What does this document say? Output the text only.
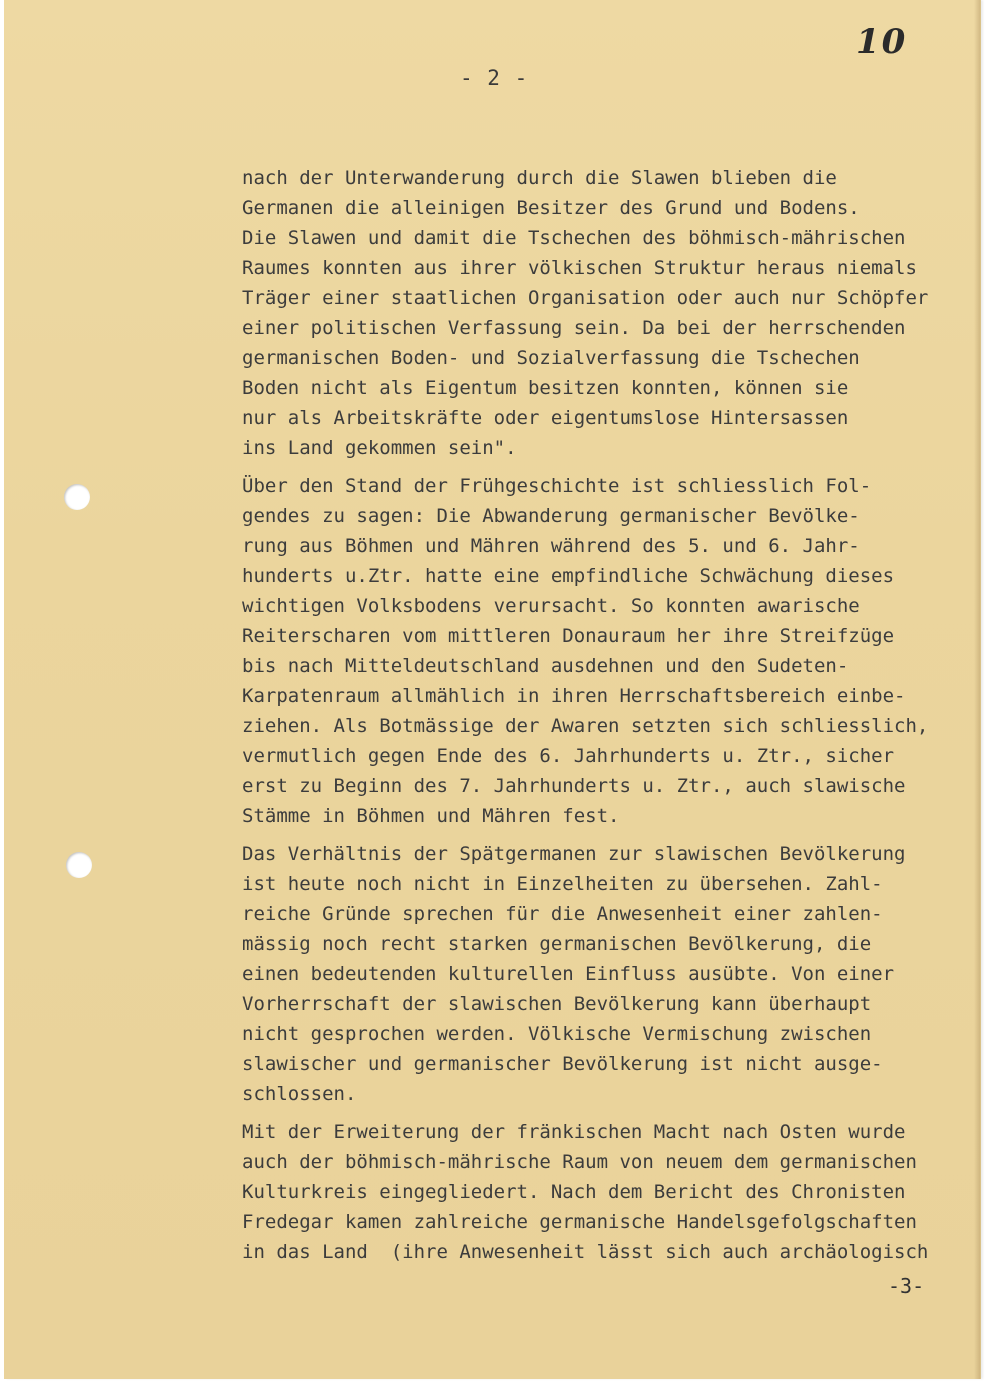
10
- 2 -
nach der Unterwanderung durch die Slawen blieben die
Germanen die alleinigen Besitzer des Grund und Bodens.
Die Slawen und damit die Tschechen des böhmisch-mährischen
Raumes konnten aus ihrer völkischen Struktur heraus niemals
Träger einer staatlichen Organisation oder auch nur Schöpfer
einer politischen Verfassung sein. Da bei der herrschenden
germanischen Boden- und Sozialverfassung die Tschechen
Boden nicht als Eigentum besitzen konnten, können sie
nur als Arbeitskräfte oder eigentumslose Hintersassen
ins Land gekommen sein".
Über den Stand der Frühgeschichte ist schliesslich Fol-
gendes zu sagen: Die Abwanderung germanischer Bevölke-
rung aus Böhmen und Mähren während des 5. und 6. Jahr-
hunderts u.Ztr. hatte eine empfindliche Schwächung dieses
wichtigen Volksbodens verursacht. So konnten awarische
Reiterscharen vom mittleren Donauraum her ihre Streifzüge
bis nach Mitteldeutschland ausdehnen und den Sudeten-
Karpatenraum allmählich in ihren Herrschaftsbereich einbe-
ziehen. Als Botmässige der Awaren setzten sich schliesslich,
vermutlich gegen Ende des 6. Jahrhunderts u. Ztr., sicher
erst zu Beginn des 7. Jahrhunderts u. Ztr., auch slawische
Stämme in Böhmen und Mähren fest.
Das Verhältnis der Spätgermanen zur slawischen Bevölkerung
ist heute noch nicht in Einzelheiten zu übersehen. Zahl-
reiche Gründe sprechen für die Anwesenheit einer zahlen-
mässig noch recht starken germanischen Bevölkerung, die
einen bedeutenden kulturellen Einfluss ausübte. Von einer
Vorherrschaft der slawischen Bevölkerung kann überhaupt
nicht gesprochen werden. Völkische Vermischung zwischen
slawischer und germanischer Bevölkerung ist nicht ausge-
schlossen.
Mit der Erweiterung der fränkischen Macht nach Osten wurde
auch der böhmisch-mährische Raum von neuem dem germanischen
Kulturkreis eingegliedert. Nach dem Bericht des Chronisten
Fredegar kamen zahlreiche germanische Handelsgefolgschaften
in das Land  (ihre Anwesenheit lässt sich auch archäologisch
-3-
